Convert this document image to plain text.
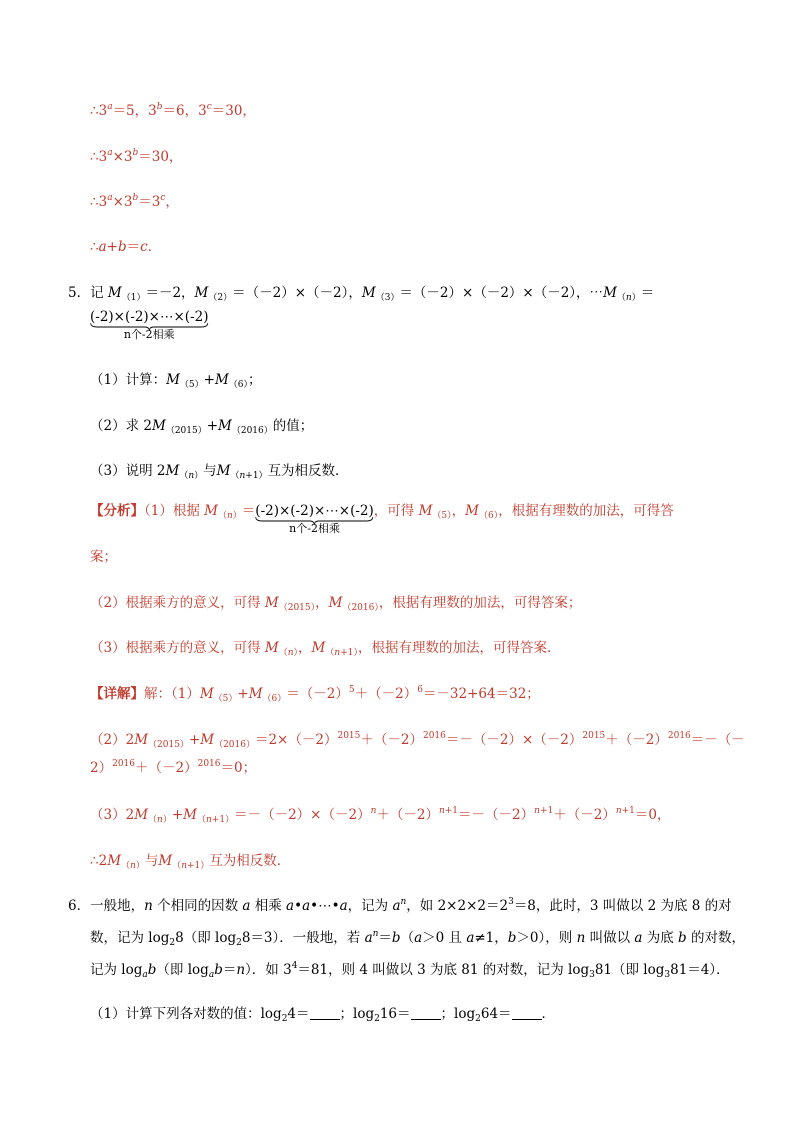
$\therefore 3^a=5$，$3^b=6$，$3^c=30$，
$\therefore 3^a\times 3^b=30$，
$\therefore 3^a\times 3^b=3^c$，
∴a+b＝c．
5．记 $M_{(1)}=-2$，$M_{(2)}=(-2)\times(-2)$，$M_{(3)}=(-2)\times(-2)\times(-2)$，$\cdots M_{(n)}=$
(-2)×(-2)×⋯×(-2)
n个-2相乘
（1）计算：$M_{(5)}+M_{(6)}$；
（2）求 $2M_{(2015)}+M_{(2016)}$的值；
（3）说明 $2M_{(n)}$与$M_{(n+1)}$互为相反数．
【分析】（1）根据 $M_{(n)}=(-2)\times(-2)\times\cdots\times(-2)$
n个-2相乘
，可得 $M_{(5)}$，$M_{(6)}$，根据有理数的加法，可得答
案；
（2）根据乘方的意义，可得 $M_{(2015)}$，$M_{(2016)}$，根据有理数的加法，可得答案；
（3）根据乘方的意义，可得 $M_{(n)}$，$M_{(n+1)}$，根据有理数的加法，可得答案．
【详解】解：$(1)M_{(5)}+M_{(6)}=(-2)^5+(-2)^6=-32+64=32$；
$(2)2M_{(2015)}+M_{(2016)}=2\times(-2)^{2015}+(-2)^{2016}=-(-2)\times(-2)^{2015}+(-2)^{2016}=-(-$
$2)^{2016}+(-2)^{2016}=0$；
$(3)2M_{(n)}+M_{(n+1)}=-(-2)\times(-2)^n+(-2)^{n+1}=-(-2)^{n+1}+(-2)^{n+1}=0$，
$\therefore 2M_{(n)}$与$M_{(n+1)}$互为相反数．
6．一般地，n 个相同的因数 a 相乘 a•a•⋯•a，记为 $a^n$，如 $2\times 2\times 2=2^3=8$，此时，3 叫做以 2 为底 8 的对
数，记为 $\log_28$（即 $\log_28=3$）．一般地，若 $a^n=b(a>0$ 且 a≠1，b＞0），则 n 叫做以 a 为底 b 的对数，
记为 $\log_ab$（即 $\log_ab=n$）．如 $3^4=81$，则 4 叫做以 3 为底 81 的对数，记为 $\log_381$（即 $\log_381=4$）．
（1）计算下列各对数的值：$\log_24=$ ；$\log_216=$ ；$\log_264=$ ．
